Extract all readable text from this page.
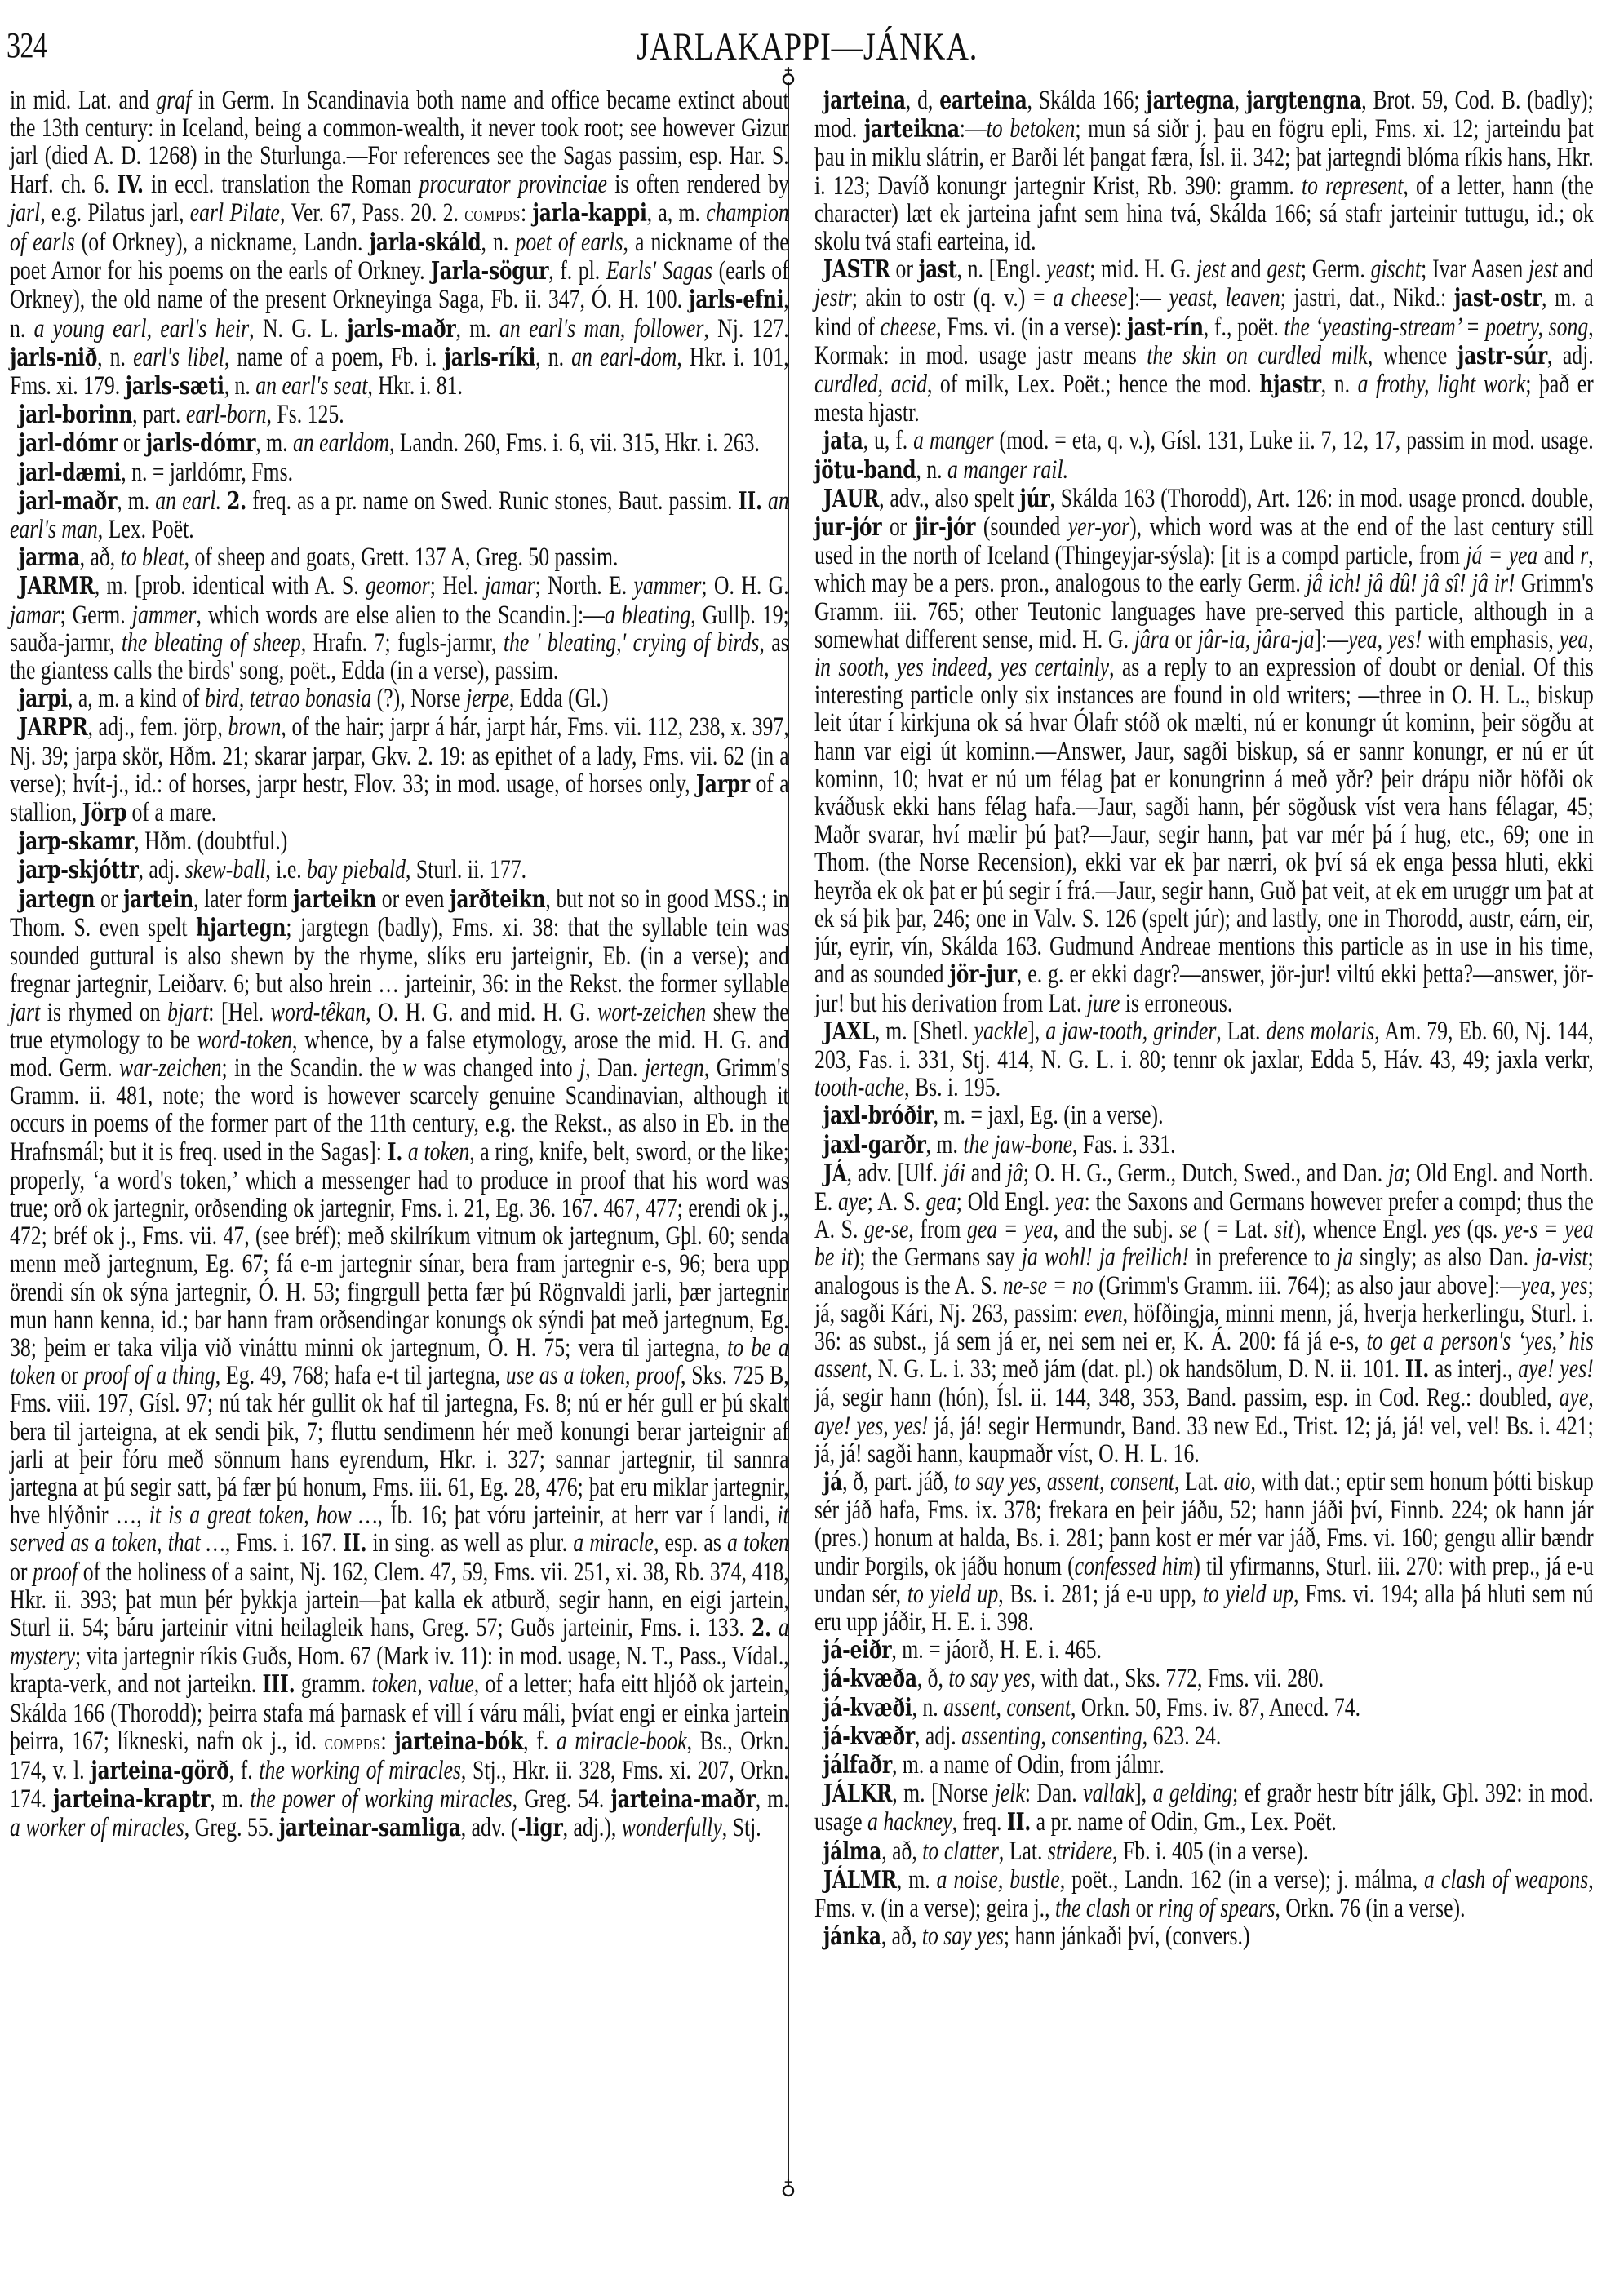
324	JARLAKAPPI—JÁNKA.
♁
♁

in mid. Lat. and graf in Germ. In Scandinavia both name and office became extinct about the 13th century: in Iceland, being a common-wealth, it never took root; see however Gizur jarl (died A. D. 1268) in the Sturlunga.—For references see the Sagas passim, esp. Har. S. Harf. ch. 6. IV. in eccl. translation the Roman procurator provinciae is often rendered by jarl, e.g. Pilatus jarl, earl Pilate, Ver. 67, Pass. 20. 2. compds: jarla-kappi, a, m. champion of earls (of Orkney), a nickname, Landn. jarla-skáld, n. poet of earls, a nickname of the poet Arnor for his poems on the earls of Orkney. Jarla-sögur, f. pl. Earls' Sagas (earls of Orkney), the old name of the present Orkneyinga Saga, Fb. ii. 347, Ó. H. 100. jarls-efni, n. a young earl, earl's heir, N. G. L. jarls-maðr, m. an earl's man, follower, Nj. 127. jarls-nið, n. earl's libel, name of a poem, Fb. i. jarls-ríki, n. an earl-dom, Hkr. i. 101, Fms. xi. 179. jarls-sæti, n. an earl's seat, Hkr. i. 81.

jarl-borinn, part. earl-born, Fs. 125.

jarl-dómr or jarls-dómr, m. an earldom, Landn. 260, Fms. i. 6, vii. 315, Hkr. i. 263.

jarl-dæmi, n. = jarldómr, Fms.

jarl-maðr, m. an earl. 2. freq. as a pr. name on Swed. Runic stones, Baut. passim. II. an earl's man, Lex. Poët.

jarma, að, to bleat, of sheep and goats, Grett. 137 A, Greg. 50 passim.

JARMR, m. [prob. identical with A. S. geomor; Hel. jamar; North. E. yammer; O. H. G. jamar; Germ. jammer, which words are else alien to the Scandin.]:—a bleating, Gullþ. 19; sauða-jarmr, the bleating of sheep, Hrafn. 7; fugls-jarmr, the ' bleating,' crying of birds, as the giantess calls the birds' song, poët., Edda (in a verse), passim.

jarpi, a, m. a kind of bird, tetrao bonasia (?), Norse jerpe, Edda (Gl.)

JARPR, adj., fem. jörp, brown, of the hair; jarpr á hár, jarpt hár, Fms. vii. 112, 238, x. 397, Nj. 39; jarpa skör, Hðm. 21; skarar jarpar, Gkv. 2. 19: as epithet of a lady, Fms. vii. 62 (in a verse); hvít-j., id.: of horses, jarpr hestr, Flov. 33; in mod. usage, of horses only, Jarpr of a stallion, Jörp of a mare.

jarp-skamr, Hðm. (doubtful.)

jarp-skjóttr, adj. skew-ball, i.e. bay piebald, Sturl. ii. 177.

jartegn or jartein, later form jarteikn or even jarðteikn, but not so in good MSS.; in Thom. S. even spelt hjartegn; jargtegn (badly), Fms. xi. 38: that the syllable tein was sounded guttural is also shewn by the rhyme, slíks eru jarteignir, Eb. (in a verse); and fregnar jartegnir, Leiðarv. 6; but also hrein … jarteinir, 36: in the Rekst. the former syllable jart is rhymed on bjart: [Hel. word-têkan, O. H. G. and mid. H. G. wort-zeichen shew the true etymology to be word-token, whence, by a false etymology, arose the mid. H. G. and mod. Germ. war-zeichen; in the Scandin. the w was changed into j, Dan. jertegn, Grimm's Gramm. ii. 481, note; the word is however scarcely genuine Scandinavian, although it occurs in poems of the former part of the 11th century, e.g. the Rekst., as also in Eb. in the Hrafnsmál; but it is freq. used in the Sagas]: I. a token, a ring, knife, belt, sword, or the like; properly, ‘a word's token,’ which a messenger had to produce in proof that his word was true; orð ok jartegnir, orðsending ok jartegnir, Fms. i. 21, Eg. 36. 167. 467, 477; erendi ok j., 472; bréf ok j., Fms. vii. 47, (see bréf); með skilríkum vitnum ok jartegnum, Gþl. 60; senda menn með jartegnum, Eg. 67; fá e-m jartegnir sínar, bera fram jartegnir e-s, 96; bera upp örendi sín ok sýna jartegnir, Ó. H. 53; fingrgull þetta fær þú Rögnvaldi jarli, þær jartegnir mun hann kenna, id.; bar hann fram orðsendingar konungs ok sýndi þat með jartegnum, Eg. 38; þeim er taka vilja við vináttu minni ok jartegnum, Ó. H. 75; vera til jartegna, to be a token or proof of a thing, Eg. 49, 768; hafa e-t til jartegna, use as a token, proof, Sks. 725 B, Fms. viii. 197, Gísl. 97; nú tak hér gullit ok haf til jartegna, Fs. 8; nú er hér gull er þú skalt bera til jarteigna, at ek sendi þik, 7; fluttu sendimenn hér með konungi berar jarteignir af jarli at þeir fóru með sönnum hans eyrendum, Hkr. i. 327; sannar jartegnir, til sannra jartegna at þú segir satt, þá fær þú honum, Fms. iii. 61, Eg. 28, 476; þat eru miklar jartegnir, hve hlýðnir …, it is a great token, how …, Íb. 16; þat vóru jarteinir, at herr var í landi, it served as a token, that …, Fms. i. 167. II. in sing. as well as plur. a miracle, esp. as a token or proof of the holiness of a saint, Nj. 162, Clem. 47, 59, Fms. vii. 251, xi. 38, Rb. 374, 418, Hkr. ii. 393; þat mun þér þykkja jartein—þat kalla ek atburð, segir hann, en eigi jartein, Sturl ii. 54; báru jarteinir vitni heilagleik hans, Greg. 57; Guðs jarteinir, Fms. i. 133. 2. a mystery; vita jartegnir ríkis Guðs, Hom. 67 (Mark iv. 11): in mod. usage, N. T., Pass., Vídal., krapta-verk, and not jarteikn. III. gramm. token, value, of a letter; hafa eitt hljóð ok jartein, Skálda 166 (Thorodd); þeirra stafa má þarnask ef vill í váru máli, þvíat engi er einka jartein þeirra, 167; líkneski, nafn ok j., id. compds: jarteina-bók, f. a miracle-book, Bs., Orkn. 174, v. l. jarteina-görð, f. the working of miracles, Stj., Hkr. ii. 328, Fms. xi. 207, Orkn. 174. jarteina-kraptr, m. the power of working miracles, Greg. 54. jarteina-maðr, m. a worker of miracles, Greg. 55. jarteinar-samliga, adv. (-ligr, adj.), wonderfully, Stj.

jarteina, d, earteina, Skálda 166; jartegna, jargtengna, Brot. 59, Cod. B. (badly); mod. jarteikna:—to betoken; mun sá siðr j. þau en fögru epli, Fms. xi. 12; jarteindu þat þau in miklu slátrin, er Barði lét þangat færa, Ísl. ii. 342; þat jartegndi blóma ríkis hans, Hkr. i. 123; Davíð konungr jartegnir Krist, Rb. 390: gramm. to represent, of a letter, hann (the character) læt ek jarteina jafnt sem hina tvá, Skálda 166; sá stafr jarteinir tuttugu, id.; ok skolu tvá stafi earteina, id.

JASTR or jast, n. [Engl. yeast; mid. H. G. jest and gest; Germ. gischt; Ivar Aasen jest and jestr; akin to ostr (q. v.) = a cheese]:— yeast, leaven; jastri, dat., Nikd.: jast-ostr, m. a kind of cheese, Fms. vi. (in a verse): jast-rín, f., poët. the ‘yeasting-stream’ = poetry, song, Kormak: in mod. usage jastr means the skin on curdled milk, whence jastr-súr, adj. curdled, acid, of milk, Lex. Poët.; hence the mod. hjastr, n. a frothy, light work; það er mesta hjastr.

jata, u, f. a manger (mod. = eta, q. v.), Gísl. 131, Luke ii. 7, 12, 17, passim in mod. usage. jötu-band, n. a manger rail.

JAUR, adv., also spelt júr, Skálda 163 (Thorodd), Art. 126: in mod. usage proncd. double, jur-jór or jir-jór (sounded yer-yor), which word was at the end of the last century still used in the north of Iceland (Thingeyjar-sýsla): [it is a compd particle, from já = yea and r, which may be a pers. pron., analogous to the early Germ. jâ ich! jâ dû! jâ sî! jâ ir! Grimm's Gramm. iii. 765; other Teutonic languages have pre-served this particle, although in a somewhat different sense, mid. H. G. jâra or jâr-ia, jâra-ja]:—yea, yes! with emphasis, yea, in sooth, yes indeed, yes certainly, as a reply to an expression of doubt or denial. Of this interesting particle only six instances are found in old writers; —three in O. H. L., biskup leit útar í kirkjuna ok sá hvar Ólafr stóð ok mælti, nú er konungr út kominn, þeir sögðu at hann var eigi út kominn.—Answer, Jaur, sagði biskup, sá er sannr konungr, er nú er út kominn, 10; hvat er nú um félag þat er konungrinn á með yðr? þeir drápu niðr höfði ok kváðusk ekki hans félag hafa.—Jaur, sagði hann, þér sögðusk víst vera hans félagar, 45; Maðr svarar, hví mælir þú þat?—Jaur, segir hann, þat var mér þá í hug, etc., 69; one in Thom. (the Norse Recension), ekki var ek þar nærri, ok því sá ek enga þessa hluti, ekki heyrða ek ok þat er þú segir í frá.—Jaur, segir hann, Guð þat veit, at ek em uruggr um þat at ek sá þik þar, 246; one in Valv. S. 126 (spelt júr); and lastly, one in Thorodd, austr, eárn, eir, júr, eyrir, vín, Skálda 163. Gudmund Andreae mentions this particle as in use in his time, and as sounded jör-jur, e. g. er ekki dagr?—answer, jör-jur! viltú ekki þetta?—answer, jör-jur! but his derivation from Lat. jure is erroneous.

JAXL, m. [Shetl. yackle], a jaw-tooth, grinder, Lat. dens molaris, Am. 79, Eb. 60, Nj. 144, 203, Fas. i. 331, Stj. 414, N. G. L. i. 80; tennr ok jaxlar, Edda 5, Háv. 43, 49; jaxla verkr, tooth-ache, Bs. i. 195.

jaxl-bróðir, m. = jaxl, Eg. (in a verse).

jaxl-garðr, m. the jaw-bone, Fas. i. 331.

JÁ, adv. [Ulf. jái and jâ; O. H. G., Germ., Dutch, Swed., and Dan. ja; Old Engl. and North. E. aye; A. S. gea; Old Engl. yea: the Saxons and Germans however prefer a compd; thus the A. S. ge-se, from gea = yea, and the subj. se ( = Lat. sit), whence Engl. yes (qs. ye-s = yea be it); the Germans say ja wohl! ja freilich! in preference to ja singly; as also Dan. ja-vist; analogous is the A. S. ne-se = no (Grimm's Gramm. iii. 764); as also jaur above]:—yea, yes; já, sagði Kári, Nj. 263, passim: even, höfðingja, minni menn, já, hverja herkerlingu, Sturl. i. 36: as subst., já sem já er, nei sem nei er, K. Á. 200: fá já e-s, to get a person's ‘yes,’ his assent, N. G. L. i. 33; með jám (dat. pl.) ok handsölum, D. N. ii. 101. II. as interj., aye! yes! já, segir hann (hón), Ísl. ii. 144, 348, 353, Band. passim, esp. in Cod. Reg.: doubled, aye, aye! yes, yes! já, já! segir Hermundr, Band. 33 new Ed., Trist. 12; já, já! vel, vel! Bs. i. 421; já, já! sagði hann, kaupmaðr víst, O. H. L. 16.

já, ð, part. jáð, to say yes, assent, consent, Lat. aio, with dat.; eptir sem honum þótti biskup sér jáð hafa, Fms. ix. 378; frekara en þeir jáðu, 52; hann jáði því, Finnb. 224; ok hann jár (pres.) honum at halda, Bs. i. 281; þann kost er mér var jáð, Fms. vi. 160; gengu allir bændr undir Þorgils, ok jáðu honum (confessed him) til yfirmanns, Sturl. iii. 270: with prep., já e-u undan sér, to yield up, Bs. i. 281; já e-u upp, to yield up, Fms. vi. 194; alla þá hluti sem nú eru upp jáðir, H. E. i. 398.

já-eiðr, m. = jáorð, H. E. i. 465.

já-kvæða, ð, to say yes, with dat., Sks. 772, Fms. vii. 280.

já-kvæði, n. assent, consent, Orkn. 50, Fms. iv. 87, Anecd. 74.

já-kvæðr, adj. assenting, consenting, 623. 24.

jálfaðr, m. a name of Odin, from jálmr.

JÁLKR, m. [Norse jelk: Dan. vallak], a gelding; ef graðr hestr bítr jálk, Gþl. 392: in mod. usage a hackney, freq. II. a pr. name of Odin, Gm., Lex. Poët.

jálma, að, to clatter, Lat. stridere, Fb. i. 405 (in a verse).

JÁLMR, m. a noise, bustle, poët., Landn. 162 (in a verse); j. málma, a clash of weapons, Fms. v. (in a verse); geira j., the clash or ring of spears, Orkn. 76 (in a verse).

jánka, að, to say yes; hann jánkaði því, (convers.)
